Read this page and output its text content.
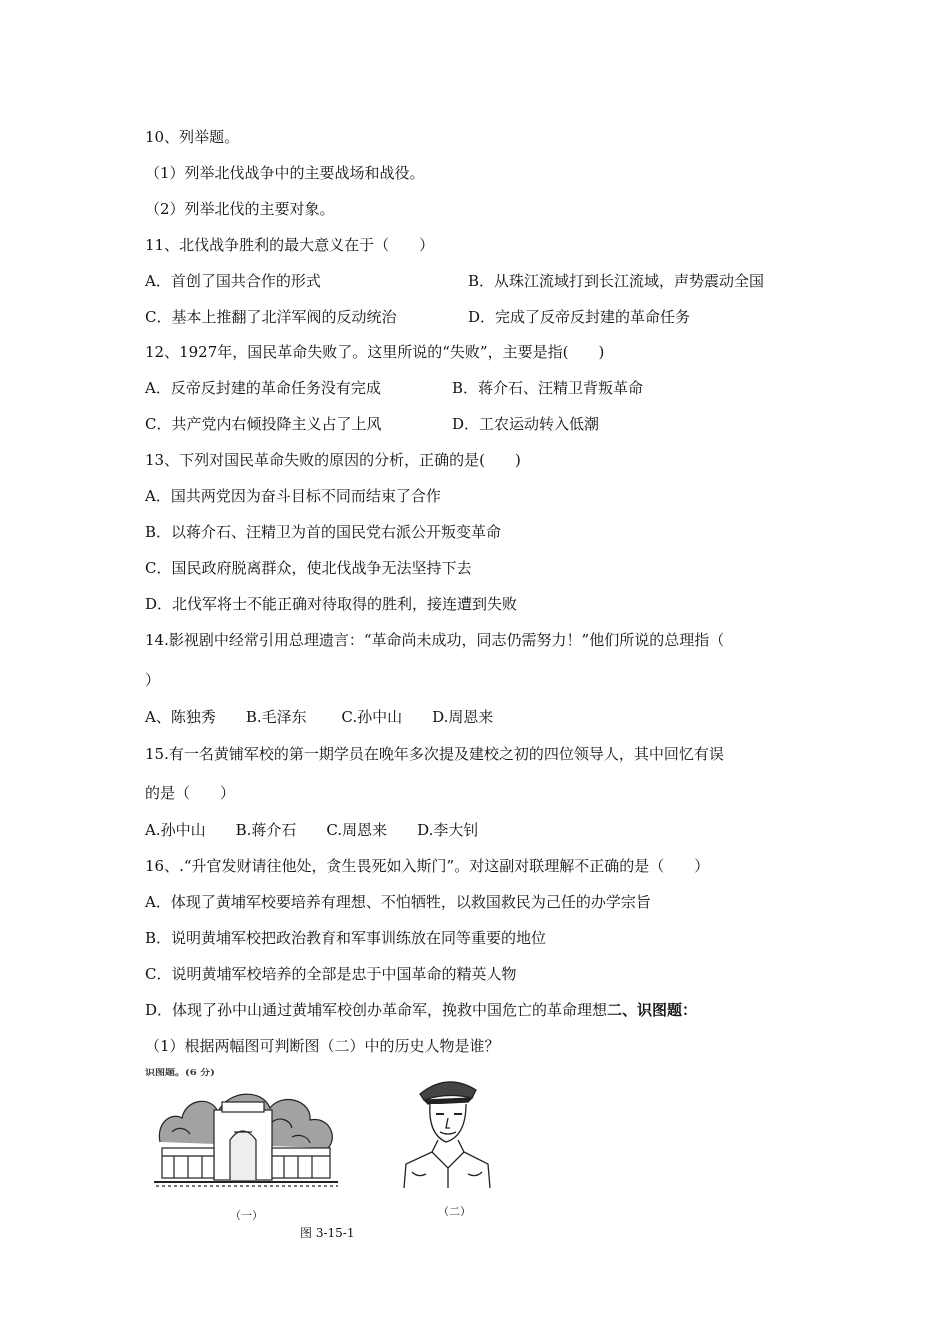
10、列举题。
（1）列举北伐战争中的主要战场和战役。
（2）列举北伐的主要对象。
11、北伐战争胜利的最大意义在于（　　）
A．首创了国共合作的形式	B．从珠江流域打到长江流域，声势震动全国
C．基本上推翻了北洋军阀的反动统治	D．完成了反帝反封建的革命任务
12、1927年，国民革命失败了。这里所说的“失败”，主要是指(　　)
A．反帝反封建的革命任务没有完成	B．蒋介石、汪精卫背叛革命
C．共产党内右倾投降主义占了上风	D．工农运动转入低潮
13、下列对国民革命失败的原因的分析，正确的是(　　)
A．国共两党因为奋斗目标不同而结束了合作
B．以蒋介石、汪精卫为首的国民党右派公开叛变革命
C．国民政府脱离群众，使北伐战争无法坚持下去
D．北伐军将士不能正确对待取得的胜利，接连遭到失败
14.影视剧中经常引用总理遗言：“革命尚未成功，同志仍需努力！”他们所说的总理指（
）
A、陈独秀　　B.毛泽东　　 C.孙中山　　D.周恩来
15.有一名黄铺军校的第一期学员在晚年多次提及建校之初的四位领导人，其中回忆有误
的是（　　）
A.孙中山　　B.蒋介石　　C.周恩来　　D.李大钊
16、.“升官发财请往他处，贪生畏死如入斯门”。对这副对联理解不正确的是（　　）
A．体现了黄埔军校要培养有理想、不怕牺牲，以救国救民为己任的办学宗旨
B．说明黄埔军校把政治教育和军事训练放在同等重要的地位
C．说明黄埔军校培养的全部是忠于中国革命的精英人物
D．体现了孙中山通过黄埔军校创办革命军，挽救中国危亡的革命理想二、识图题：
（1）根据两幅图可判断图（二）中的历史人物是谁？
识图题。(6 分)
（一）	（二）
图 3-15-1
